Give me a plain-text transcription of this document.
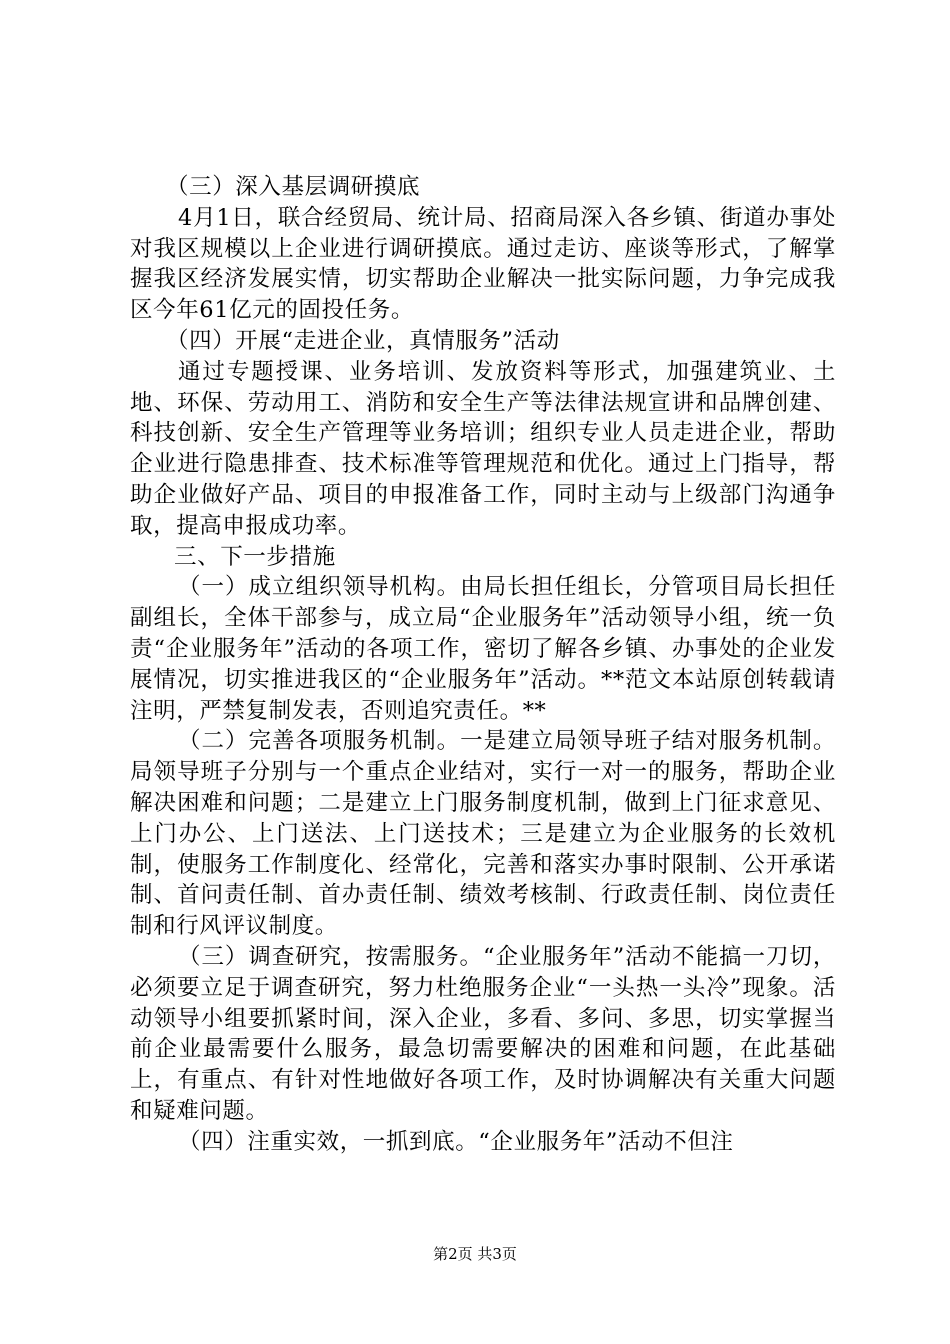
（三）深入基层调研摸底

4月1日，联合经贸局、统计局、招商局深入各乡镇、街道办事处对我区规模以上企业进行调研摸底。通过走访、座谈等形式，了解掌握我区经济发展实情，切实帮助企业解决一批实际问题，力争完成我区今年61亿元的固投任务。

（四）开展“走进企业，真情服务”活动

通过专题授课、业务培训、发放资料等形式，加强建筑业、土地、环保、劳动用工、消防和安全生产等法律法规宣讲和品牌创建、科技创新、安全生产管理等业务培训；组织专业人员走进企业，帮助企业进行隐患排查、技术标准等管理规范和优化。通过上门指导，帮助企业做好产品、项目的申报准备工作，同时主动与上级部门沟通争取，提高申报成功率。

三、下一步措施

（一）成立组织领导机构。由局长担任组长，分管项目局长担任副组长，全体干部参与，成立局“企业服务年”活动领导小组，统一负责“企业服务年”活动的各项工作，密切了解各乡镇、办事处的企业发展情况，切实推进我区的“企业服务年”活动。**范文本站原创转载请注明，严禁复制发表，否则追究责任。**

（二）完善各项服务机制。一是建立局领导班子结对服务机制。局领导班子分别与一个重点企业结对，实行一对一的服务，帮助企业解决困难和问题；二是建立上门服务制度机制，做到上门征求意见、上门办公、上门送法、上门送技术；三是建立为企业服务的长效机制，使服务工作制度化、经常化，完善和落实办事时限制、公开承诺制、首问责任制、首办责任制、绩效考核制、行政责任制、岗位责任制和行风评议制度。

（三）调查研究，按需服务。“企业服务年”活动不能搞一刀切，必须要立足于调查研究，努力杜绝服务企业“一头热一头冷”现象。活动领导小组要抓紧时间，深入企业，多看、多问、多思，切实掌握当前企业最需要什么服务，最急切需要解决的困难和问题，在此基础上，有重点、有针对性地做好各项工作，及时协调解决有关重大问题和疑难问题。

（四）注重实效，一抓到底。“企业服务年”活动不但注

第2页 共3页
